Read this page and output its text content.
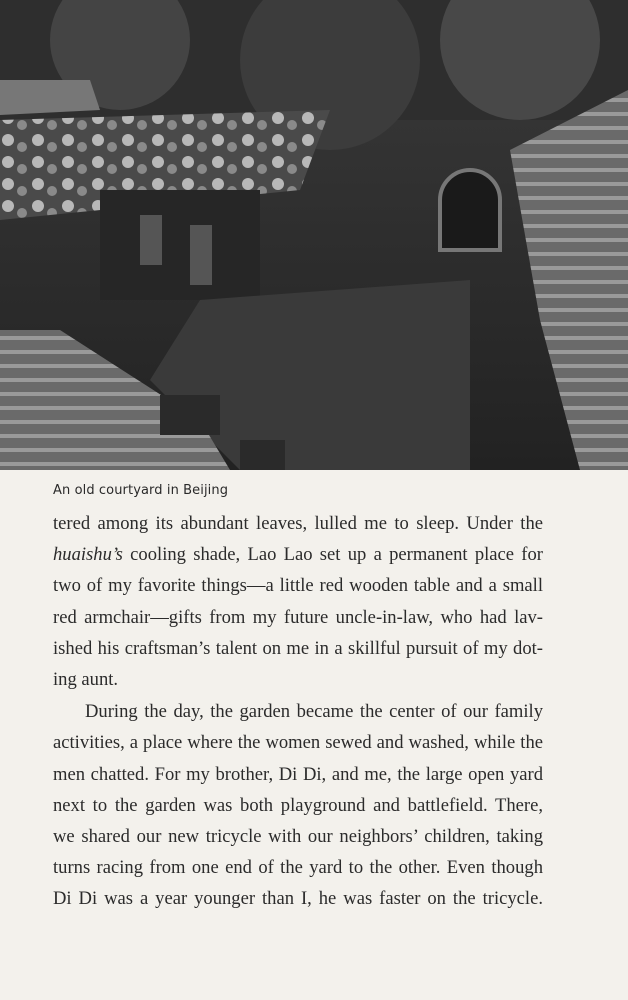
An old courtyard in Beijing
tered among its abundant leaves, lulled me to sleep. Under the
huaishu’s cooling shade, Lao Lao set up a permanent place for
two of my favorite things—a little red wooden table and a small
red armchair—gifts from my future uncle-in-law, who had lav-
ished his craftsman’s talent on me in a skillful pursuit of my dot-
ing aunt.
During the day, the garden became the center of our family
activities, a place where the women sewed and washed, while the
men chatted. For my brother, Di Di, and me, the large open yard
next to the garden was both playground and battlefield. There,
we shared our new tricycle with our neighbors’ children, taking
turns racing from one end of the yard to the other. Even though
Di Di was a year younger than I, he was faster on the tricycle.
